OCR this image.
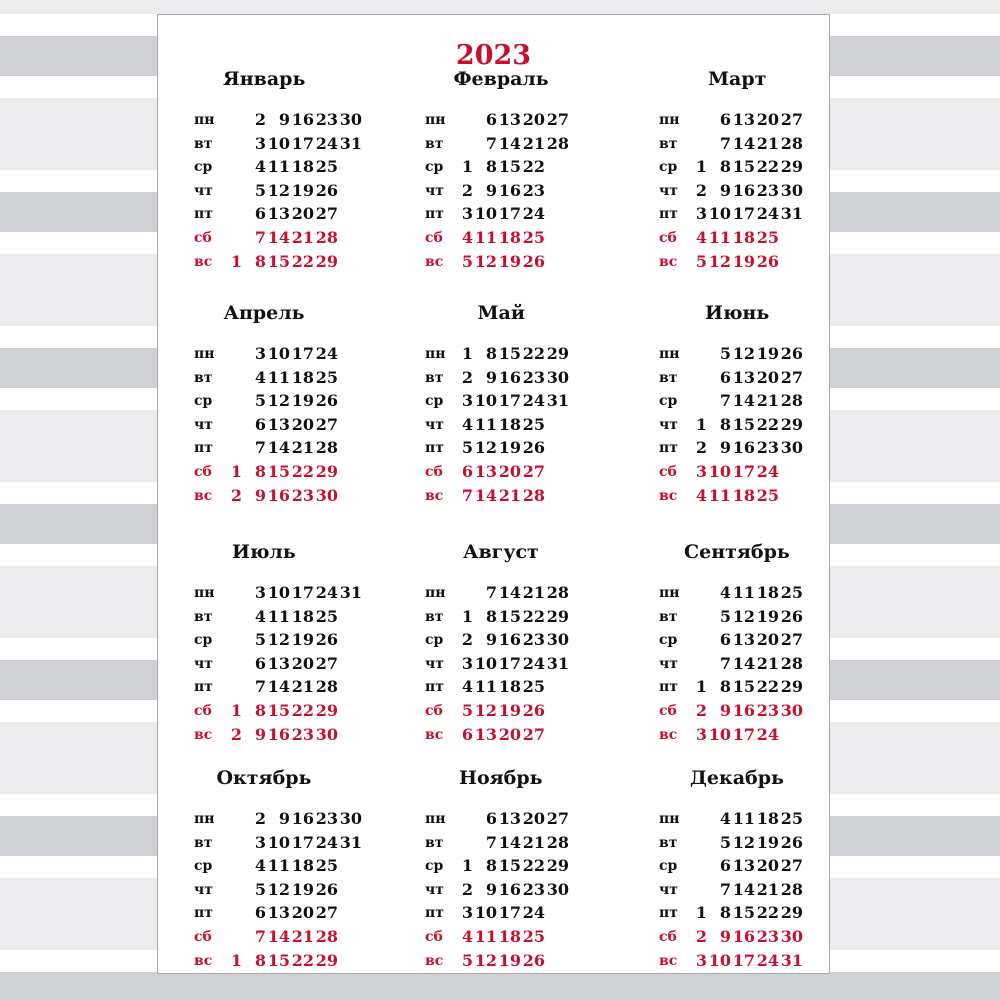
2023
Январь
пн	2 9 16 23 30
вт	3 10 17 24 31
ср	4 11 18 25
чт	5 12 19 26
пт	6 13 20 27
сб	7 14 21 28
вс	1 8 15 22 29
Февраль
пн	6 13 20 27
вт	7 14 21 28
ср	1 8 15 22
чт	2 9 16 23
пт	3 10 17 24
сб	4 11 18 25
вс	5 12 19 26
Март
пн	6 13 20 27
вт	7 14 21 28
ср	1 8 15 22 29
чт	2 9 16 23 30
пт	3 10 17 24 31
сб	4 11 18 25
вс	5 12 19 26
Апрель
пн	3 10 17 24
вт	4 11 18 25
ср	5 12 19 26
чт	6 13 20 27
пт	7 14 21 28
сб	1 8 15 22 29
вс	2 9 16 23 30
Май
пн	1 8 15 22 29
вт	2 9 16 23 30
ср	3 10 17 24 31
чт	4 11 18 25
пт	5 12 19 26
сб	6 13 20 27
вс	7 14 21 28
Июнь
пн	5 12 19 26
вт	6 13 20 27
ср	7 14 21 28
чт	1 8 15 22 29
пт	2 9 16 23 30
сб	3 10 17 24
вс	4 11 18 25
Июль
пн	3 10 17 24 31
вт	4 11 18 25
ср	5 12 19 26
чт	6 13 20 27
пт	7 14 21 28
сб	1 8 15 22 29
вс	2 9 16 23 30
Август
пн	7 14 21 28
вт	1 8 15 22 29
ср	2 9 16 23 30
чт	3 10 17 24 31
пт	4 11 18 25
сб	5 12 19 26
вс	6 13 20 27
Сентябрь
пн	4 11 18 25
вт	5 12 19 26
ср	6 13 20 27
чт	7 14 21 28
пт	1 8 15 22 29
сб	2 9 16 23 30
вс	3 10 17 24
Октябрь
пн	2 9 16 23 30
вт	3 10 17 24 31
ср	4 11 18 25
чт	5 12 19 26
пт	6 13 20 27
сб	7 14 21 28
вс	1 8 15 22 29
Ноябрь
пн	6 13 20 27
вт	7 14 21 28
ср	1 8 15 22 29
чт	2 9 16 23 30
пт	3 10 17 24
сб	4 11 18 25
вс	5 12 19 26
Декабрь
пн	4 11 18 25
вт	5 12 19 26
ср	6 13 20 27
чт	7 14 21 28
пт	1 8 15 22 29
сб	2 9 16 23 30
вс	3 10 17 24 31
